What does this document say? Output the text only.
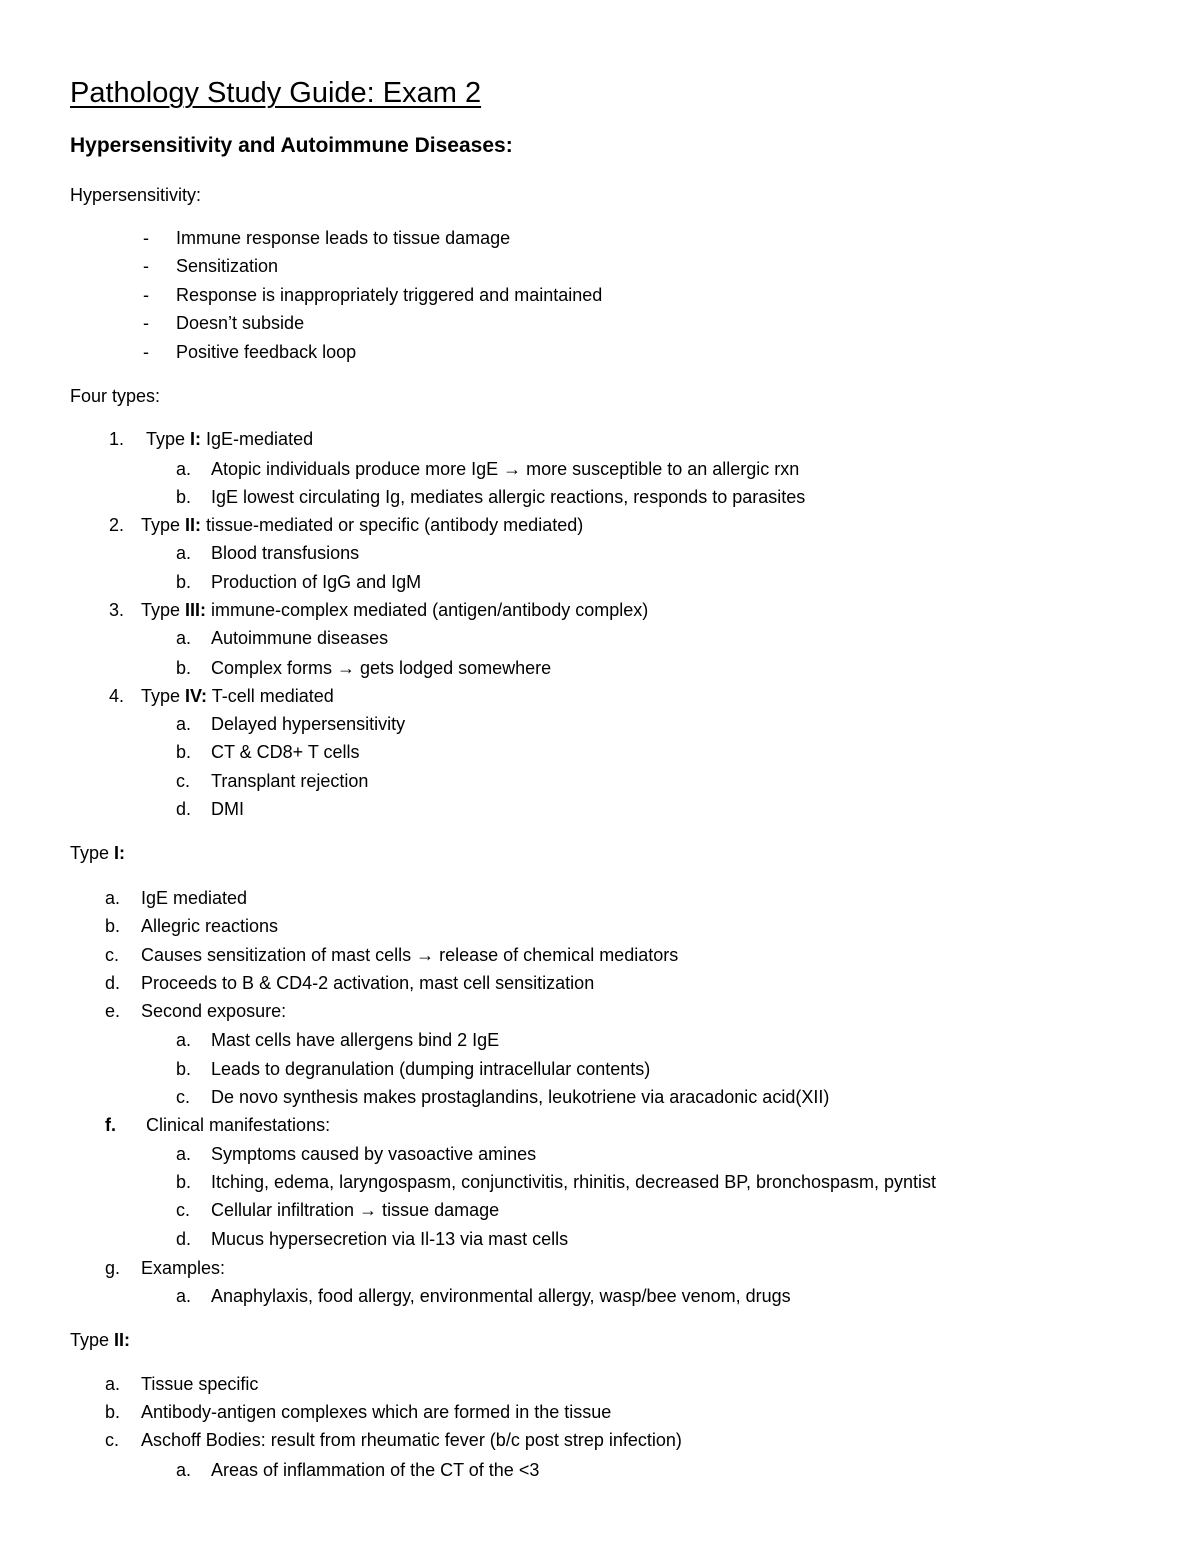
Pathology Study Guide: Exam 2
Hypersensitivity and Autoimmune Diseases:
Hypersensitivity:
- Immune response leads to tissue damage
- Sensitization
- Response is inappropriately triggered and maintained
- Doesn’t subside
- Positive feedback loop
Four types:
1. Type I: IgE-mediated
a. Atopic individuals produce more IgE → more susceptible to an allergic rxn
b. IgE lowest circulating Ig, mediates allergic reactions, responds to parasites
2. Type II: tissue-mediated or specific (antibody mediated)
a. Blood transfusions
b. Production of IgG and IgM
3. Type III: immune-complex mediated (antigen/antibody complex)
a. Autoimmune diseases
b. Complex forms → gets lodged somewhere
4. Type IV: T-cell mediated
a. Delayed hypersensitivity
b. CT & CD8+ T cells
c. Transplant rejection
d. DMI
Type I:
a. IgE mediated
b. Allegric reactions
c. Causes sensitization of mast cells → release of chemical mediators
d. Proceeds to B & CD4-2 activation, mast cell sensitization
e. Second exposure:
a. Mast cells have allergens bind 2 IgE
b. Leads to degranulation (dumping intracellular contents)
c. De novo synthesis makes prostaglandins, leukotriene via aracadonic acid(XII)
f. Clinical manifestations:
a. Symptoms caused by vasoactive amines
b. Itching, edema, laryngospasm, conjunctivitis, rhinitis, decreased BP, bronchospasm, pyntist
c. Cellular infiltration → tissue damage
d. Mucus hypersecretion via Il-13 via mast cells
g. Examples:
a. Anaphylaxis, food allergy, environmental allergy, wasp/bee venom, drugs
Type II:
a. Tissue specific
b. Antibody-antigen complexes which are formed in the tissue
c. Aschoff Bodies: result from rheumatic fever (b/c post strep infection)
a. Areas of inflammation of the CT of the <3
